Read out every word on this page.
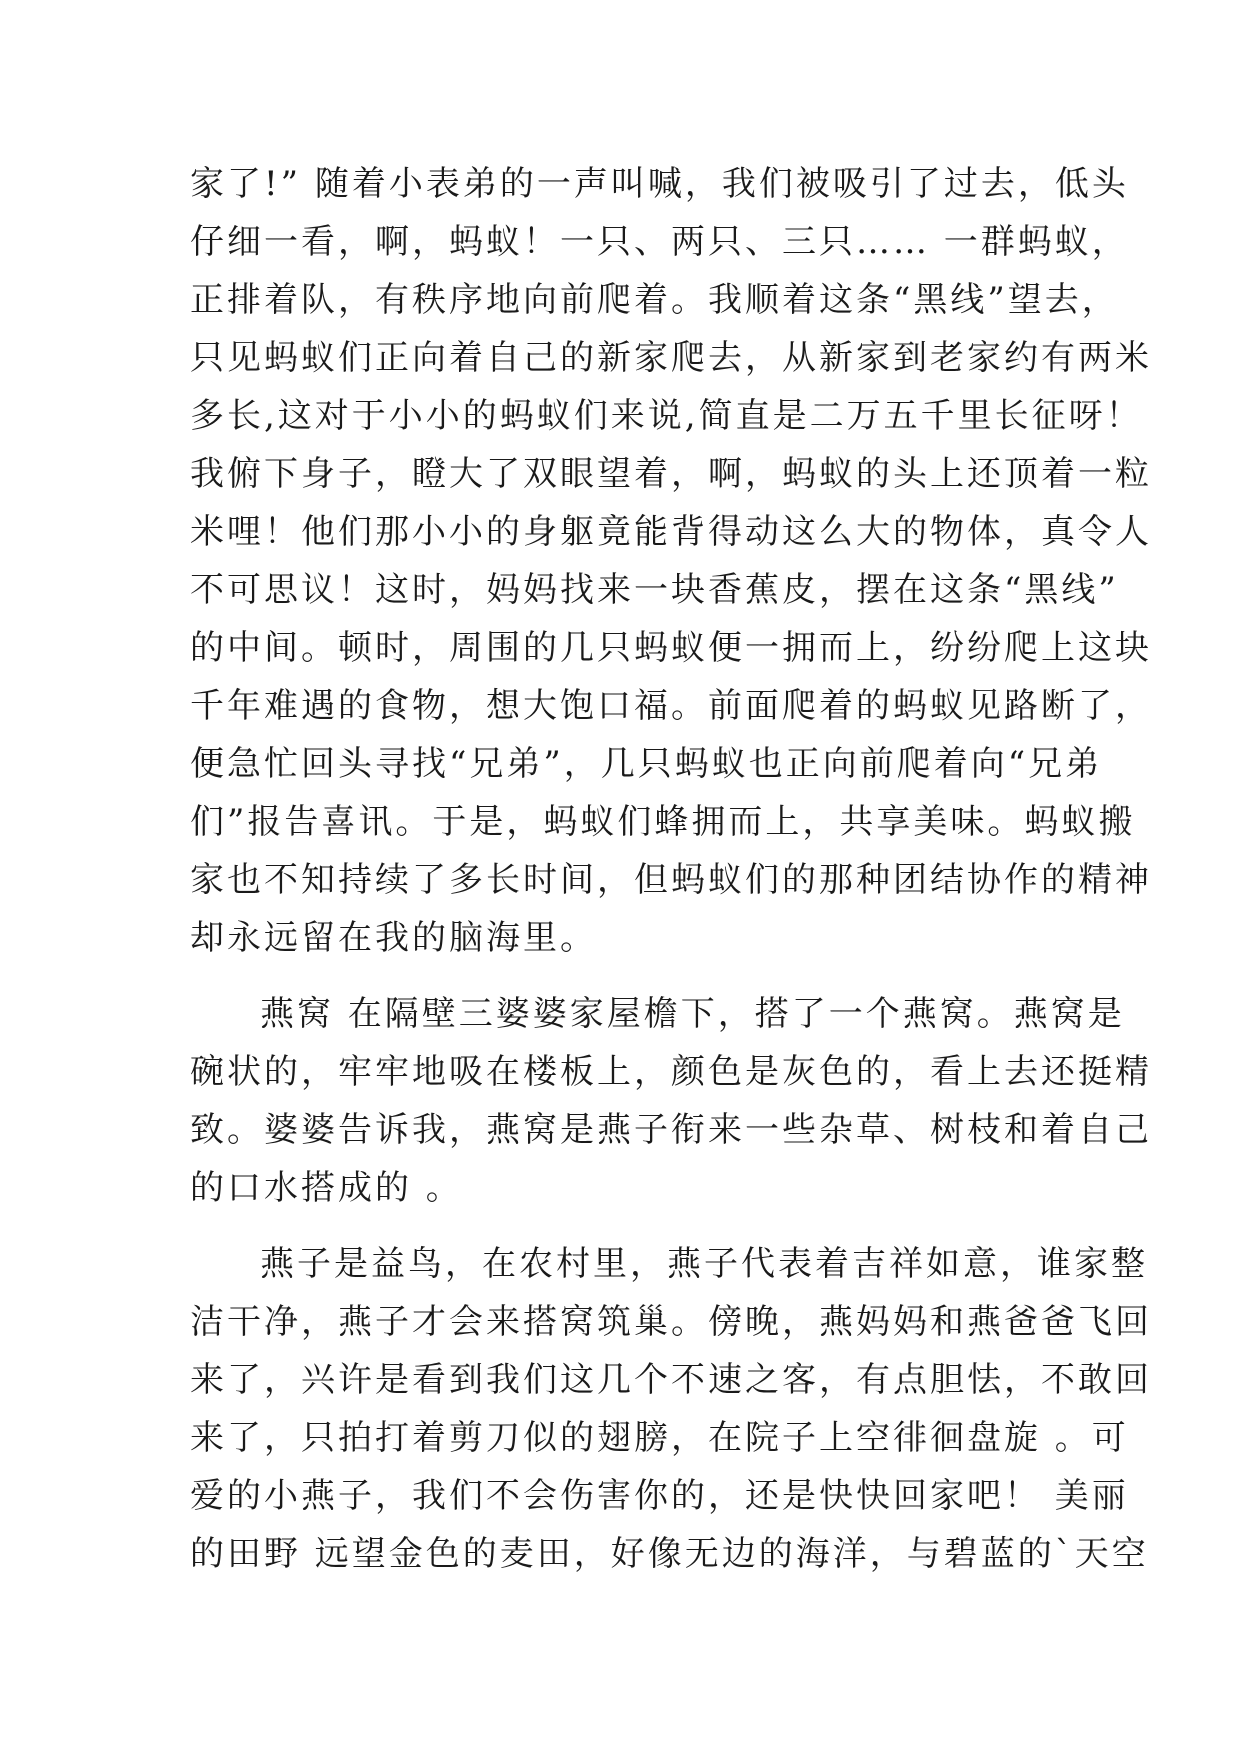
家了!” 随着小表弟的一声叫喊，我们被吸引了过去，低头
仔细一看，啊，蚂蚁！一只、两只、三只…… 一群蚂蚁，
正排着队，有秩序地向前爬着。我顺着这条“黑线”望去，
只见蚂蚁们正向着自己的新家爬去，从新家到老家约有两米
多长,这对于小小的蚂蚁们来说,简直是二万五千里长征呀！
我俯下身子，瞪大了双眼望着，啊，蚂蚁的头上还顶着一粒
米哩！他们那小小的身躯竟能背得动这么大的物体，真令人
不可思议！这时，妈妈找来一块香蕉皮，摆在这条“黑线”
的中间。顿时，周围的几只蚂蚁便一拥而上，纷纷爬上这块
千年难遇的食物，想大饱口福。前面爬着的蚂蚁见路断了，
便急忙回头寻找“兄弟”，几只蚂蚁也正向前爬着向“兄弟
们”报告喜讯。于是，蚂蚁们蜂拥而上，共享美味。蚂蚁搬
家也不知持续了多长时间，但蚂蚁们的那种团结协作的精神
却永远留在我的脑海里。
燕窝 在隔壁三婆婆家屋檐下，搭了一个燕窝。燕窝是
碗状的，牢牢地吸在楼板上，颜色是灰色的，看上去还挺精
致。婆婆告诉我，燕窝是燕子衔来一些杂草、树枝和着自己
的口水搭成的 。
燕子是益鸟，在农村里，燕子代表着吉祥如意，谁家整
洁干净，燕子才会来搭窝筑巢。傍晚，燕妈妈和燕爸爸飞回
来了，兴许是看到我们这几个不速之客，有点胆怯，不敢回
来了，只拍打着剪刀似的翅膀，在院子上空徘徊盘旋 。可
爱的小燕子，我们不会伤害你的，还是快快回家吧！ 美丽
的田野 远望金色的麦田，好像无边的海洋，与碧蓝的`天空
